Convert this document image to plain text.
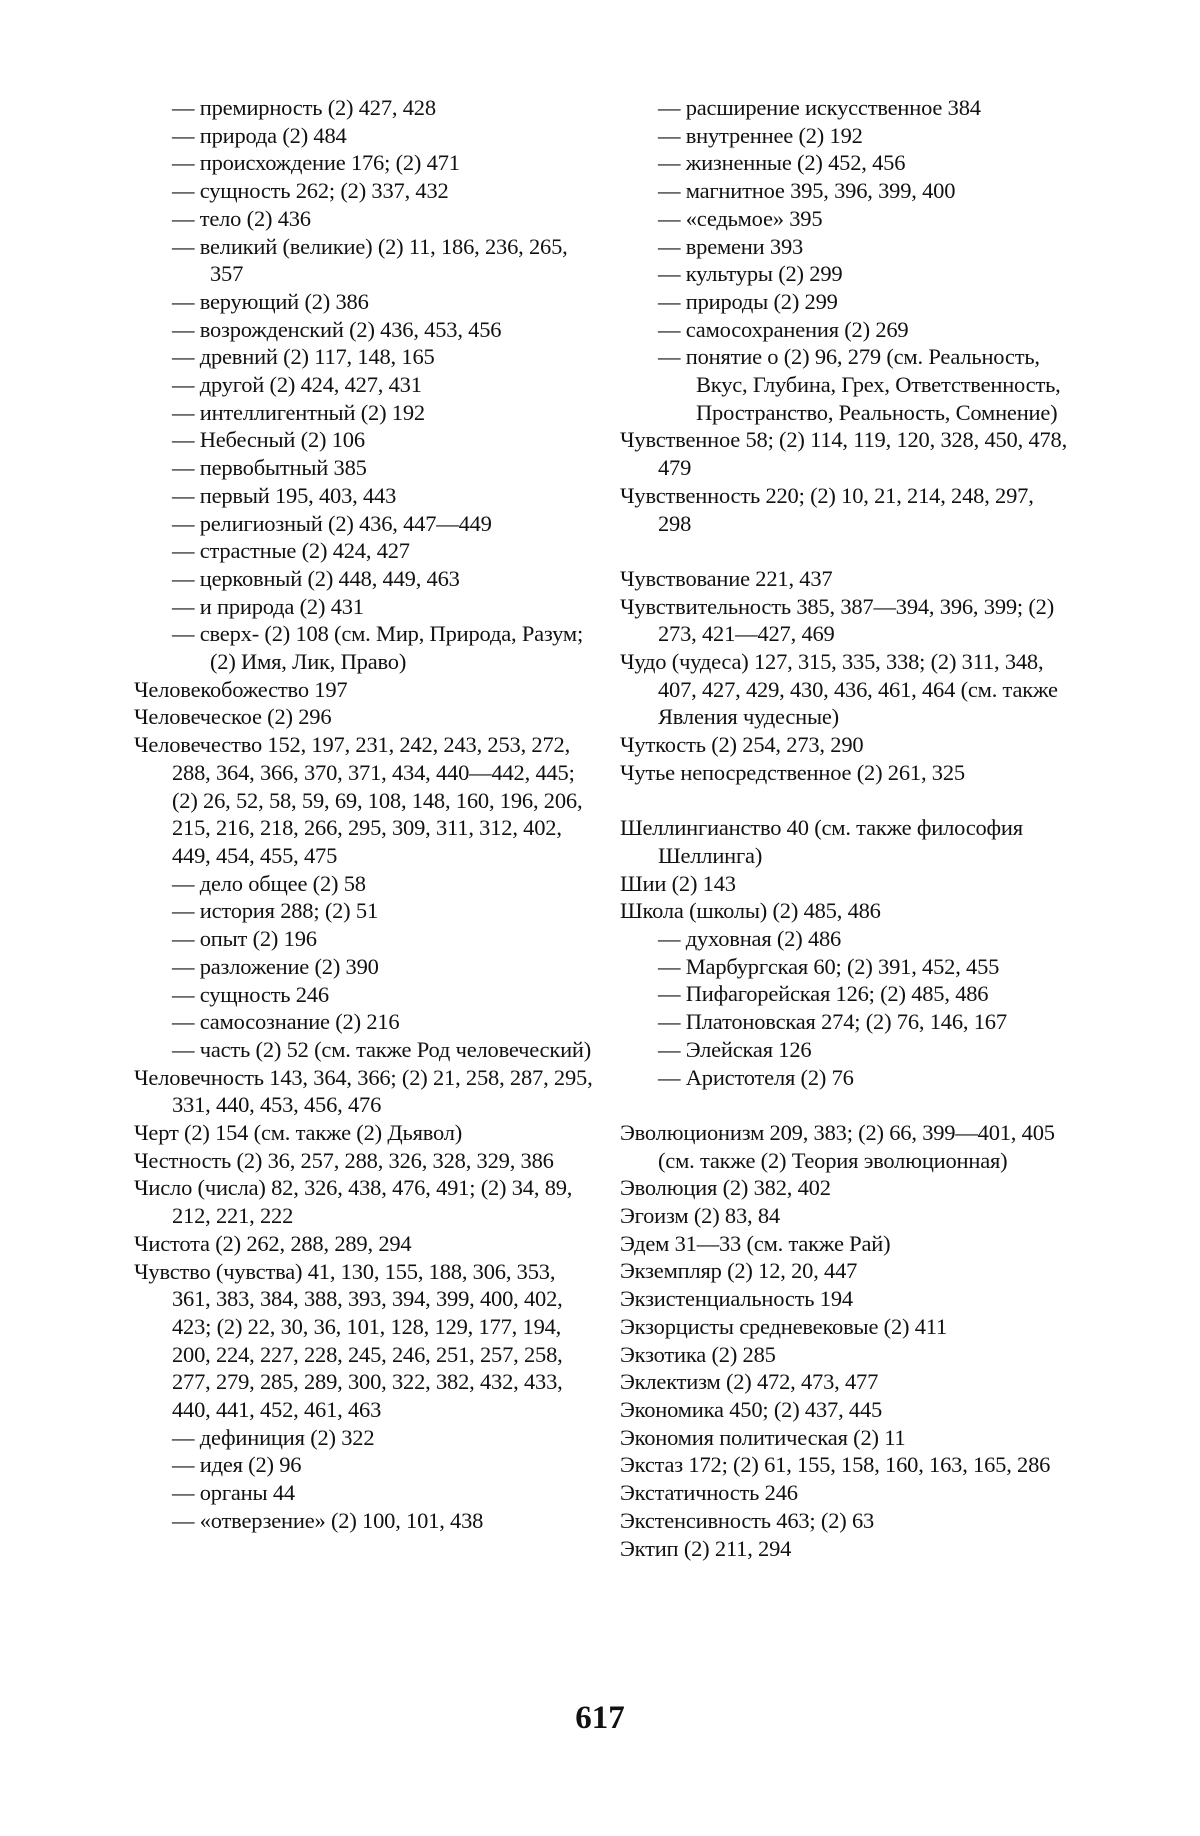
— премирность (2) 427, 428
— природа (2) 484
— происхождение 176; (2) 471
— сущность 262; (2) 337, 432
— тело (2) 436
— великий (великие) (2) 11, 186, 236, 265, 357
— верующий (2) 386
— возрожденский (2) 436, 453, 456
— древний (2) 117, 148, 165
— другой (2) 424, 427, 431
— интеллигентный (2) 192
— Небесный (2) 106
— первобытный 385
— первый 195, 403, 443
— религиозный (2) 436, 447—449
— страстные (2) 424, 427
— церковный (2) 448, 449, 463
— и природа (2) 431
— сверх- (2) 108 (см. Мир, Природа, Разум; (2) Имя, Лик, Право)
Человекобожество 197
Человеческое (2) 296
Человечество 152, 197, 231, 242, 243, 253, 272, 288, 364, 366, 370, 371, 434, 440—442, 445; (2) 26, 52, 58, 59, 69, 108, 148, 160, 196, 206, 215, 216, 218, 266, 295, 309, 311, 312, 402, 449, 454, 455, 475
— дело общее (2) 58
— история 288; (2) 51
— опыт (2) 196
— разложение (2) 390
— сущность 246
— самосознание (2) 216
— часть (2) 52 (см. также Род человеческий)
Человечность 143, 364, 366; (2) 21, 258, 287, 295, 331, 440, 453, 456, 476
Черт (2) 154 (см. также (2) Дьявол)
Честность (2) 36, 257, 288, 326, 328, 329, 386
Число (числа) 82, 326, 438, 476, 491; (2) 34, 89, 212, 221, 222
Чистота (2) 262, 288, 289, 294
Чувство (чувства) 41, 130, 155, 188, 306, 353, 361, 383, 384, 388, 393, 394, 399, 400, 402, 423; (2) 22, 30, 36, 101, 128, 129, 177, 194, 200, 224, 227, 228, 245, 246, 251, 257, 258, 277, 279, 285, 289, 300, 322, 382, 432, 433, 440, 441, 452, 461, 463
— дефиниция (2) 322
— идея (2) 96
— органы 44
— «отверзение» (2) 100, 101, 438
— расширение искусственное 384
— внутреннее (2) 192
— жизненные (2) 452, 456
— магнитное 395, 396, 399, 400
— «седьмое» 395
— времени 393
— культуры (2) 299
— природы (2) 299
— самосохранения (2) 269
— понятие о (2) 96, 279 (см. Реальность, Вкус, Глубина, Грех, Ответственность, Пространство, Реальность, Сомнение)
Чувственное 58; (2) 114, 119, 120, 328, 450, 478, 479
Чувственность 220; (2) 10, 21, 214, 248, 297, 298
Чувствование 221, 437
Чувствительность 385, 387—394, 396, 399; (2) 273, 421—427, 469
Чудо (чудеса) 127, 315, 335, 338; (2) 311, 348, 407, 427, 429, 430, 436, 461, 464 (см. также Явления чудесные)
Чуткость (2) 254, 273, 290
Чутье непосредственное (2) 261, 325
Шеллингианство 40 (см. также философия Шеллинга)
Шии (2) 143
Школа (школы) (2) 485, 486
— духовная (2) 486
— Марбургская 60; (2) 391, 452, 455
— Пифагорейская 126; (2) 485, 486
— Платоновская 274; (2) 76, 146, 167
— Элейская 126
— Аристотеля (2) 76
Эволюционизм 209, 383; (2) 66, 399—401, 405 (см. также (2) Теория эволюционная)
Эволюция (2) 382, 402
Эгоизм (2) 83, 84
Эдем 31—33 (см. также Рай)
Экземпляр (2) 12, 20, 447
Экзистенциальность 194
Экзорцисты средневековые (2) 411
Экзотика (2) 285
Эклектизм (2) 472, 473, 477
Экономика 450; (2) 437, 445
Экономия политическая (2) 11
Экстаз 172; (2) 61, 155, 158, 160, 163, 165, 286
Экстатичность 246
Экстенсивность 463; (2) 63
Эктип (2) 211, 294
617
